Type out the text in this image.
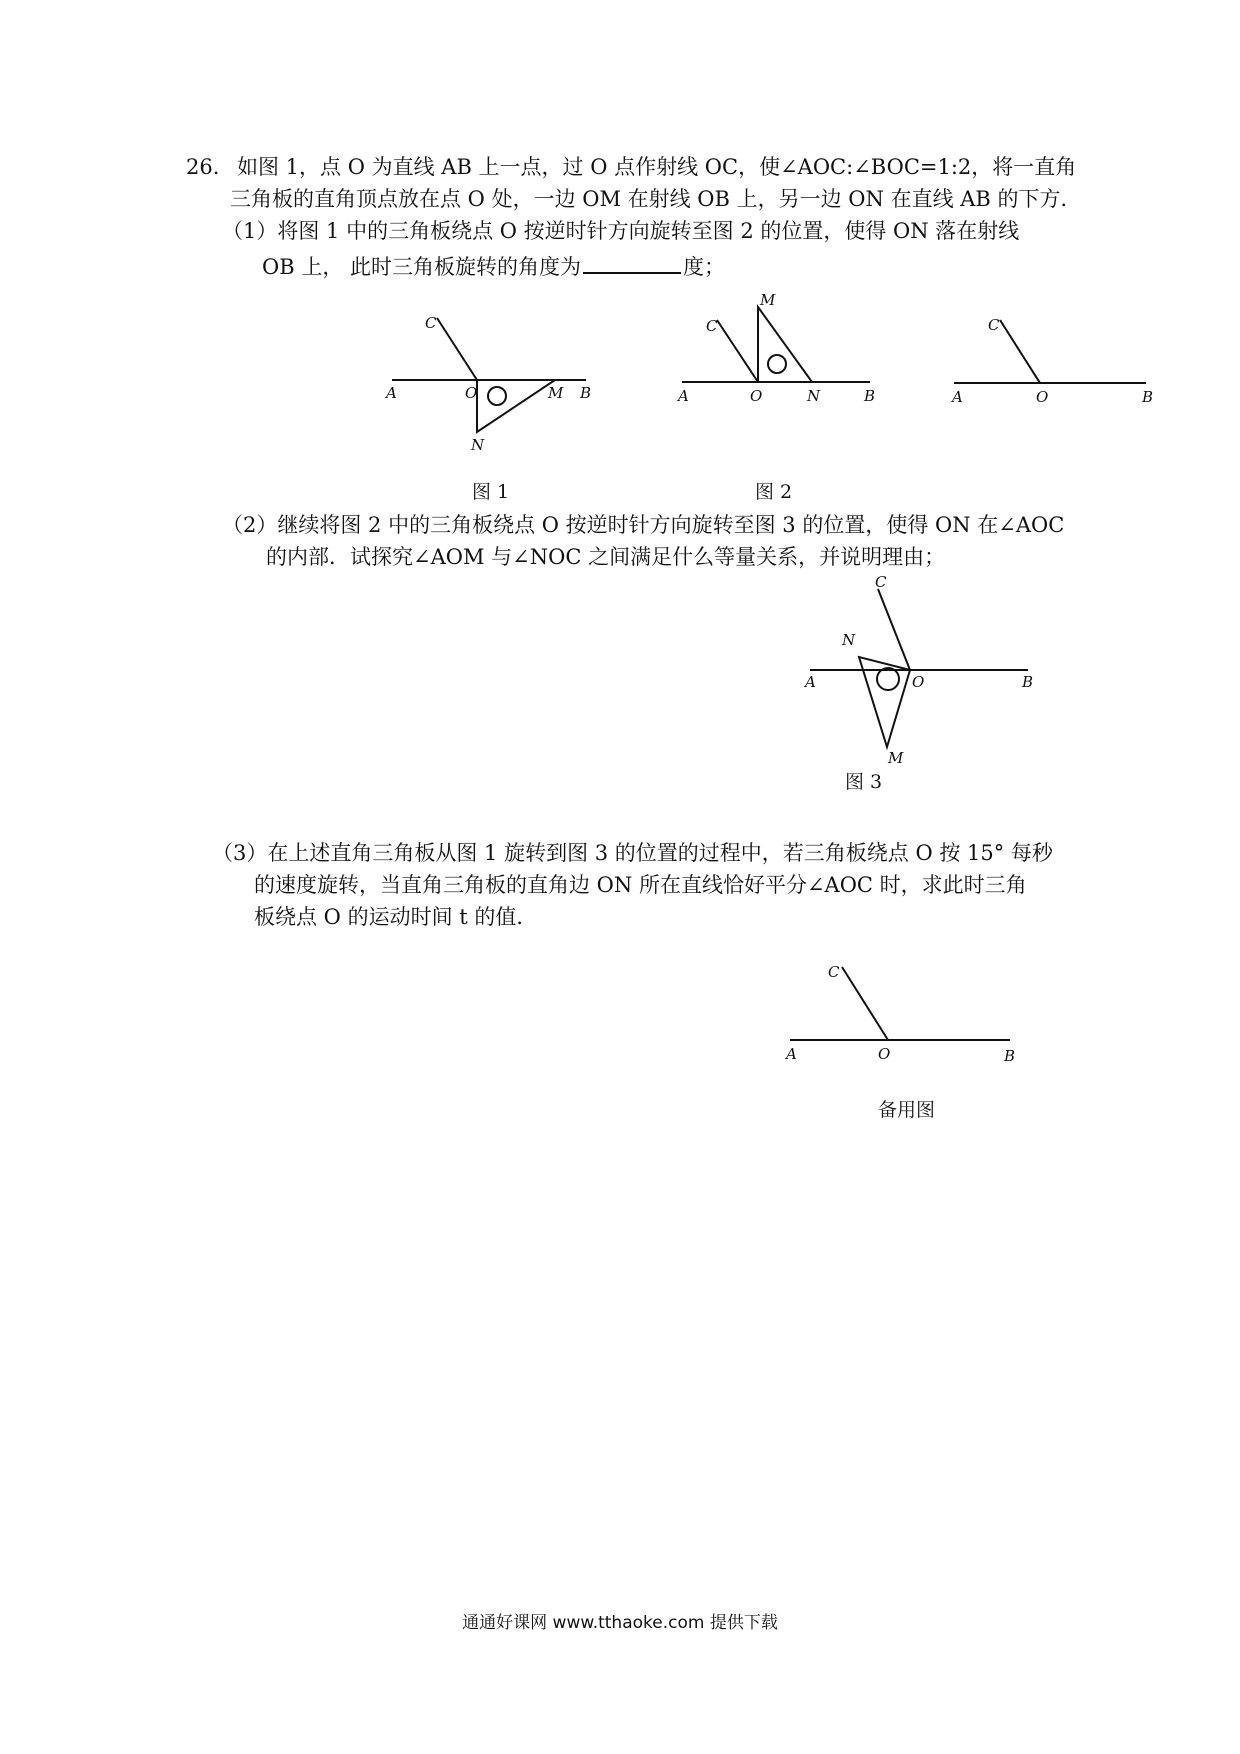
26. 如图 1，点 O 为直线 AB 上一点，过 O 点作射线 OC，使∠AOC:∠BOC=1:2，将一直角
三角板的直角顶点放在点 O 处，一边 OM 在射线 OB 上，另一边 ON 在直线 AB 的下方．
（1）将图 1 中的三角板绕点 O 按逆时针方向旋转至图 2 的位置，使得 ON 落在射线
OB 上， 此时三角板旋转的角度为	度；
C
A	O	M B
N
图 1
M
C
A	O	N	B
图 2
C
A	O	B
（2）继续将图 2 中的三角板绕点 O 按逆时针方向旋转至图 3 的位置，使得 ON 在∠AOC
的内部．试探究∠AOM 与∠NOC 之间满足什么等量关系，并说明理由；
C
N
A	O	B
M
图 3
（3）在上述直角三角板从图 1 旋转到图 3 的位置的过程中，若三角板绕点 O 按 15° 每秒
的速度旋转，当直角三角板的直角边 ON 所在直线恰好平分∠AOC 时，求此时三角
板绕点 O 的运动时间 t 的值．
C
A	O	B
备用图
通通好课网 www.tthaoke.com 提供下载
